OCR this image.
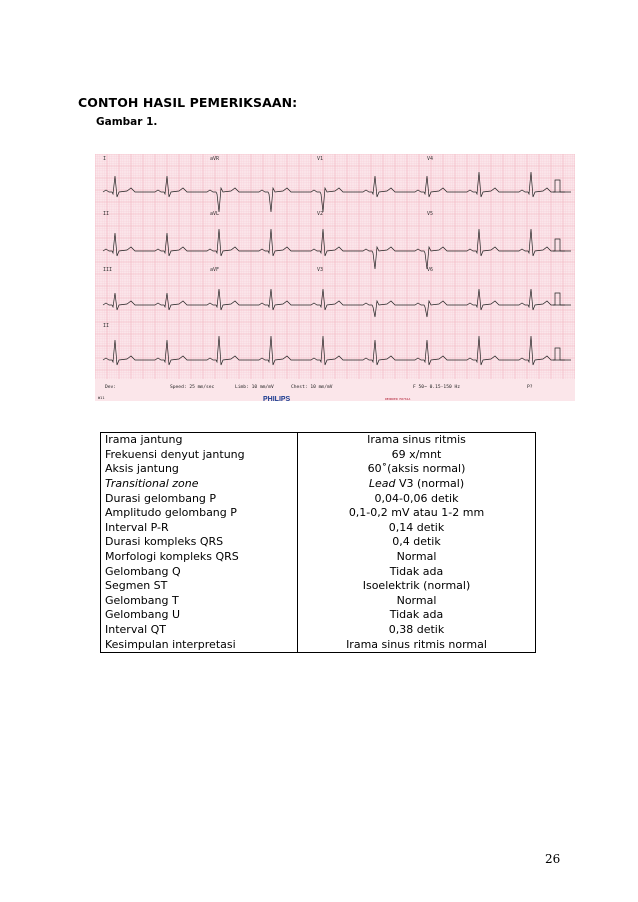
CONTOH HASIL PEMERIKSAAN:
Gambar 1.
I	aVR	V1	V4
II	aVL	V2	V5
III	aVF	V3	V6
II
Dev:	Speed: 25 mm/sec	Limb: 10 mm/mV	Chest: 10 mm/mV	F 50~ 0.15-150 Hz	P?
W11	PHILIPS	REORDER M2761A
Irama jantung	Irama sinus ritmis
Frekuensi denyut jantung	69 x/mnt
Aksis jantung	60˚(aksis normal)
Transitional zone	Lead V3 (normal)
Durasi gelombang P	0,04-0,06 detik
Amplitudo gelombang P	0,1-0,2 mV atau 1-2 mm
Interval P-R	0,14 detik
Durasi kompleks QRS	0,4 detik
Morfologi kompleks QRS	Normal
Gelombang Q	Tidak ada
Segmen ST	Isoelektrik (normal)
Gelombang T	Normal
Gelombang U	Tidak ada
Interval QT	0,38 detik
Kesimpulan interpretasi	Irama sinus ritmis normal
26
